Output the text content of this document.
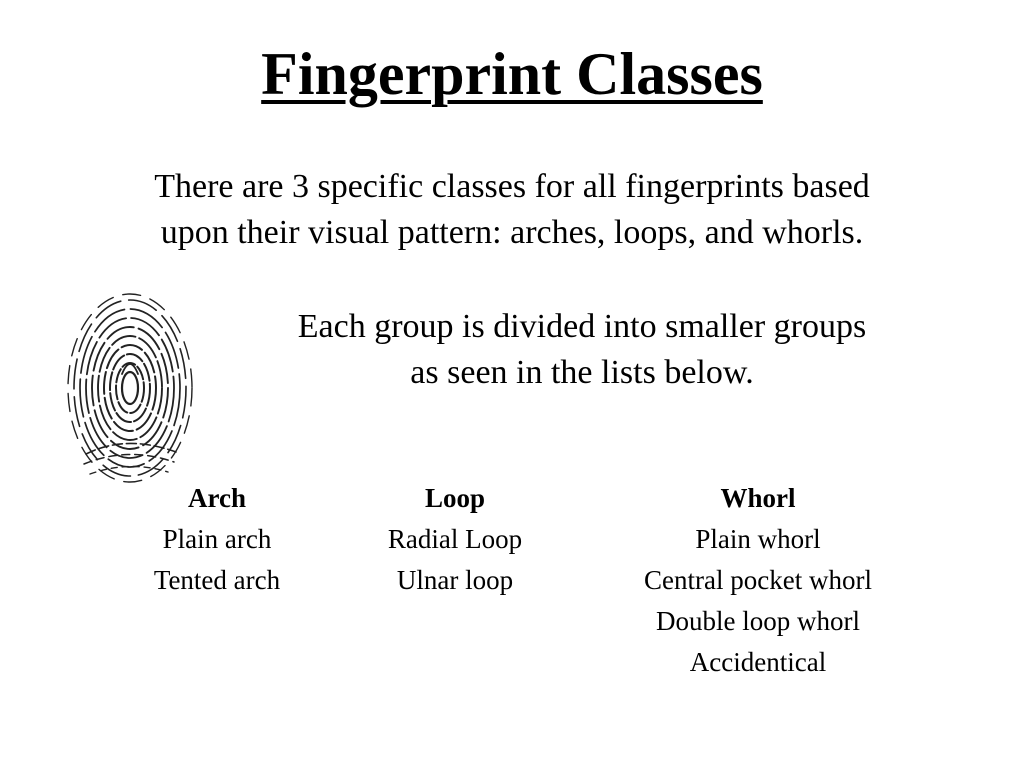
Fingerprint Classes
There are 3 specific classes for all fingerprints based
upon their visual pattern: arches, loops, and whorls.
Each group is divided into smaller groups
as seen in the lists below.
Arch
Plain arch
Tented arch
Loop
Radial Loop
Ulnar loop
Whorl
Plain whorl
Central pocket whorl
Double loop whorl
Accidentical
